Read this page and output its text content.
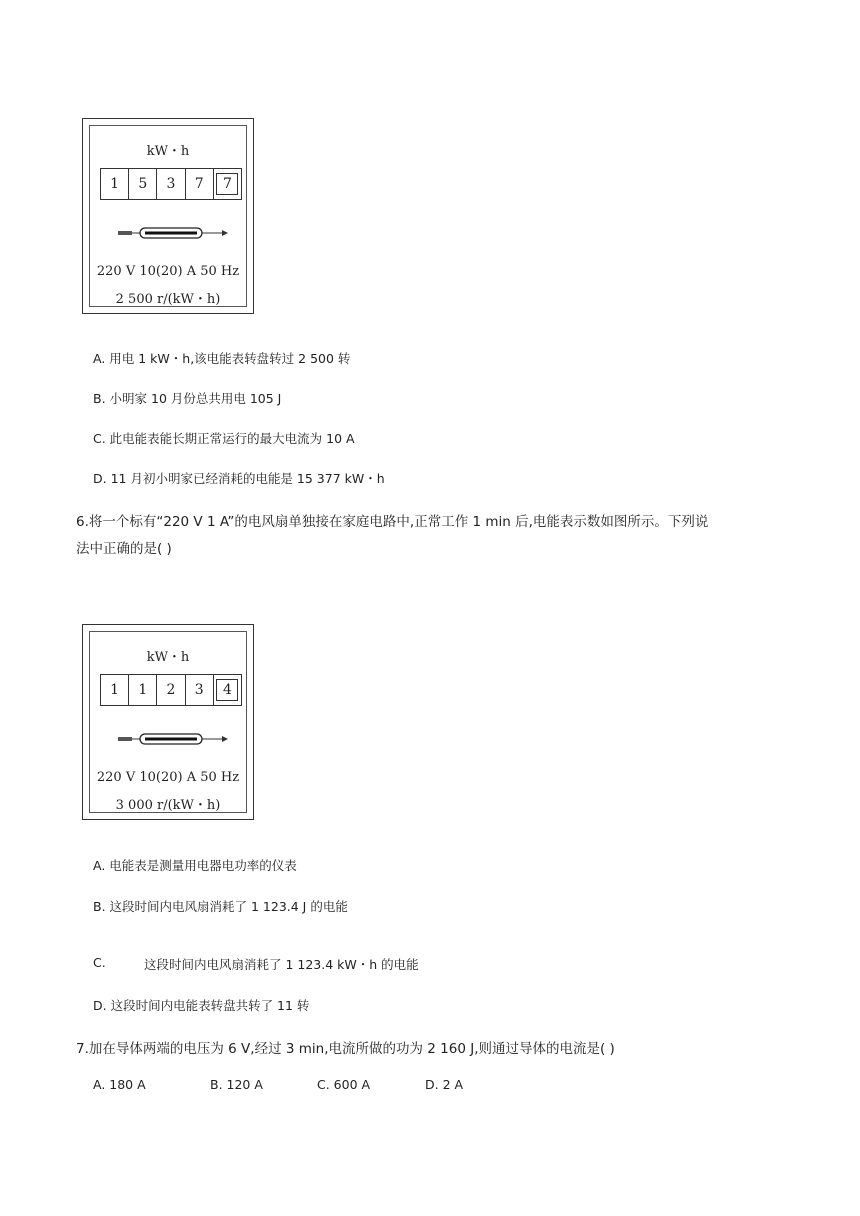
kW・h
1	5	3	7	7
220 V 10(20) A 50 Hz
2 500 r/(kW・h)
A. 用电 1 kW・h,该电能表转盘转过 2 500 转
B. 小明家 10 月份总共用电 105 J
C. 此电能表能长期正常运行的最大电流为 10 A
D. 11 月初小明家已经消耗的电能是 15 377 kW・h
6.将一个标有“220 V 1 A”的电风扇单独接在家庭电路中,正常工作 1 min 后,电能表示数如图所示。下列说
法中正确的是( )
kW・h
1	1	2	3	4
220 V 10(20) A 50 Hz
3 000 r/(kW・h)
A. 电能表是测量用电器电功率的仪表
B. 这段时间内电风扇消耗了 1 123.4 J 的电能
C.	这段时间内电风扇消耗了 1 123.4 kW・h 的电能
D. 这段时间内电能表转盘共转了 11 转
7.加在导体两端的电压为 6 V,经过 3 min,电流所做的功为 2 160 J,则通过导体的电流是( )
A. 180 A	B. 120 A	C. 600 A	D. 2 A
